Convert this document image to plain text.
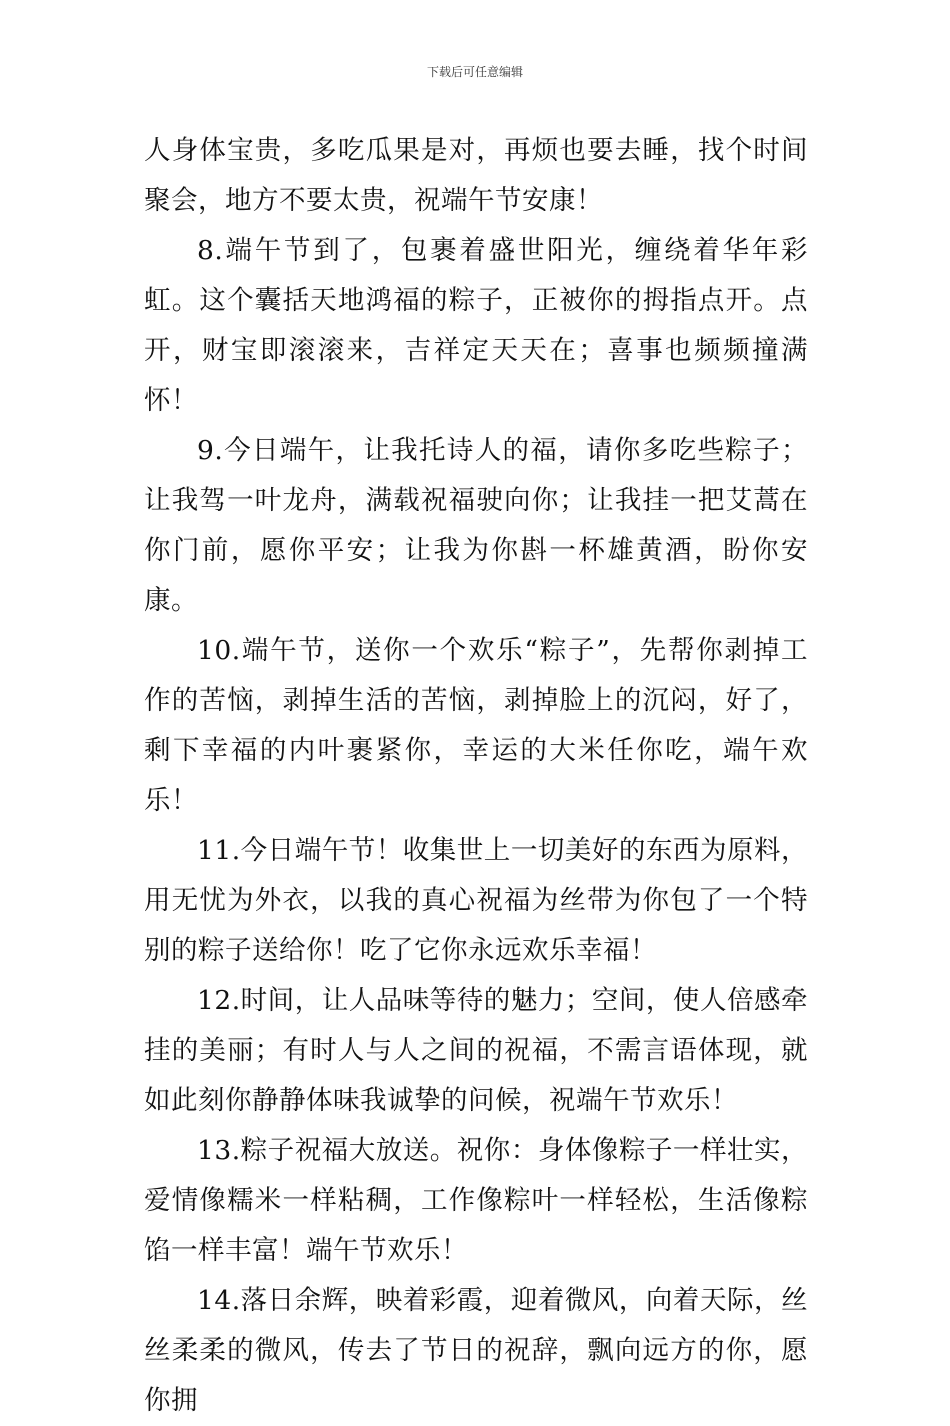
下载后可任意编辑

人身体宝贵，多吃瓜果是对，再烦也要去睡，找个时间聚会，地方不要太贵，祝端午节安康！

8.端午节到了，包裹着盛世阳光，缠绕着华年彩虹。这个囊括天地鸿福的粽子，正被你的拇指点开。点开，财宝即滚滚来，吉祥定天天在；喜事也频频撞满怀！

9.今日端午，让我托诗人的福，请你多吃些粽子；让我驾一叶龙舟，满载祝福驶向你；让我挂一把艾蒿在你门前，愿你平安；让我为你斟一杯雄黄酒，盼你安康。

10.端午节，送你一个欢乐“粽子”，先帮你剥掉工作的苦恼，剥掉生活的苦恼，剥掉脸上的沉闷，好了，剩下幸福的内叶裹紧你，幸运的大米任你吃，端午欢乐！

11.今日端午节！收集世上一切美好的东西为原料，用无忧为外衣，以我的真心祝福为丝带为你包了一个特别的粽子送给你！吃了它你永远欢乐幸福！

12.时间，让人品味等待的魅力；空间，使人倍感牵挂的美丽；有时人与人之间的祝福，不需言语体现，就如此刻你静静体味我诚挚的问候，祝端午节欢乐！

13.粽子祝福大放送。祝你：身体像粽子一样壮实，爱情像糯米一样粘稠，工作像粽叶一样轻松，生活像粽馅一样丰富！端午节欢乐！

14.落日余辉，映着彩霞，迎着微风，向着天际，丝丝柔柔的微风，传去了节日的祝辞，飘向远方的你，愿你拥
